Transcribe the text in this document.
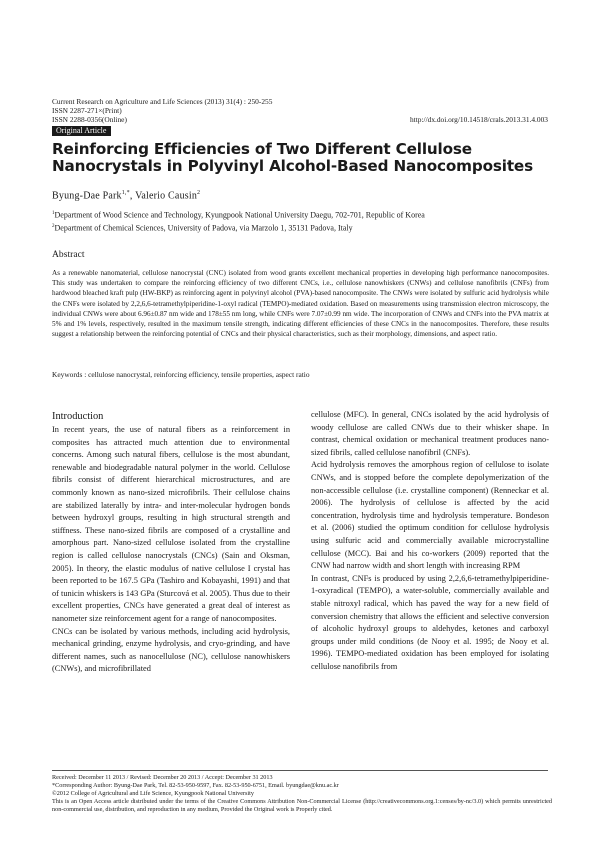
Current Research on Agriculture and Life Sciences (2013) 31(4) : 250-255
ISSN 2287-271×(Print)
ISSN 2288-0356(Online)	http://dx.doi.org/10.14518/crals.2013.31.4.003
Original Article
Reinforcing Efficiencies of Two Different Cellulose Nanocrystals in Polyvinyl Alcohol-Based Nanocomposites
Byung-Dae Park$^{1,*}$, Valerio Causin$^2$
$^1$Department of Wood Science and Technology, Kyungpook National University Daegu, 702-701, Republic of Korea
$^2$Department of Chemical Sciences, University of Padova, via Marzolo 1, 35131 Padova, Italy
Abstract

As a renewable nanomaterial, cellulose nanocrystal (CNC) isolated from wood grants excellent mechanical properties in developing high performance nanocomposites. This study was undertaken to compare the reinforcing efficiency of two different CNCs, i.e., cellulose nanowhiskers (CNWs) and cellulose nanofibrils (CNFs) from hardwood bleached kraft pulp (HW-BKP) as reinforcing agent in polyvinyl alcohol (PVA)-based nanocomposite. The CNWs were isolated by sulfuric acid hydrolysis while the CNFs were isolated by 2,2,6,6-tetramethylpiperidine-1-oxyl radical (TEMPO)-mediated oxidation. Based on measurements using transmission electron microscopy, the individual CNWs were about 6.96±0.87 nm wide and 178±55 nm long, while CNFs were 7.07±0.99 nm wide. The incorporation of CNWs and CNFs into the PVA matrix at 5% and 1% levels, respectively, resulted in the maximum tensile strength, indicating different efficiencies of these CNCs in the nanocomposites. Therefore, these results suggest a relationship between the reinforcing potential of CNCs and their physical characteristics, such as their morphology, dimensions, and aspect ratio.

Keywords : cellulose nanocrystal, reinforcing efficiency, tensile properties, aspect ratio
Introduction

In recent years, the use of natural fibers as a reinforcement in composites has attracted much attention due to environmental concerns. Among such natural fibers, cellulose is the most abundant, renewable and biodegradable natural polymer in the world. Cellulose fibrils consist of different hierarchical microstructures, and are commonly known as nano-sized microfibrils. Their cellulose chains are stabilized laterally by intra- and inter-molecular hydrogen bonds between hydroxyl groups, resulting in high structural strength and stiffness. These nano-sized fibrils are composed of a crystalline and amorphous part. Nano-sized cellulose isolated from the crystalline region is called cellulose nanocrystals (CNCs) (Sain and Oksman, 2005). In theory, the elastic modulus of native cellulose I crystal has been reported to be 167.5 GPa (Tashiro and Kobayashi, 1991) and that of tunicin whiskers is 143 GPa (Sturcová et al. 2005). Thus due to their excellent properties, CNCs have generated a great deal of interest as nanometer size reinforcement agent for a range of nanocomposites.

CNCs can be isolated by various methods, including acid hydrolysis, mechanical grinding, enzyme hydrolysis, and cryo-grinding, and have different names, such as nanocellulose (NC), cellulose nanowhiskers (CNWs), and microfibrillated

cellulose (MFC). In general, CNCs isolated by the acid hydrolysis of woody cellulose are called CNWs due to their whisker shape. In contrast, chemical oxidation or mechanical treatment produces nano-sized fibrils, called cellulose nanofibril (CNFs).

Acid hydrolysis removes the amorphous region of cellulose to isolate CNWs, and is stopped before the complete depolymerization of the non-accessible cellulose (i.e. crystalline component) (Renneckar et al. 2006). The hydrolysis of cellulose is affected by the acid concentration, hydrolysis time and hydrolysis temperature. Bondeson et al. (2006) studied the optimum condition for cellulose hydrolysis using sulfuric acid and commercially available microcrystalline cellulose (MCC). Bai and his co-workers (2009) reported that the CNW had narrow width and short length with increasing RPM

In contrast, CNFs is produced by using 2,2,6,6-tetramethylpiperidine-1-oxyradical (TEMPO), a water-soluble, commercially available and stable nitroxyl radical, which has paved the way for a new field of conversion chemistry that allows the efficient and selective conversion of alcoholic hydroxyl groups to aldehydes, ketones and carboxyl groups under mild conditions (de Nooy et al. 1995; de Nooy et al. 1996). TEMPO-mediated oxidation has been employed for isolating cellulose nanofibrils from

Received: December 11 2013 / Revised: December 20 2013 / Accept: December 31 2013
*Corresponding Author: Byung-Dae Park, Tel. 82-53-950-9597, Fax. 82-53-950-6751, Email. byungdae@knu.ac.kr
©2012 College of Agricultural and Life Science, Kyungpook National University
This is an Open Access article distributed under the terms of the Creative Commons Attribution Non-Commercial License (http://creativecommons.org.1:censes/by-nc/3.0) which permits unrestricted non-commercial use, distribution, and reproduction in any medium, Provided the Original work is Properly cited.
